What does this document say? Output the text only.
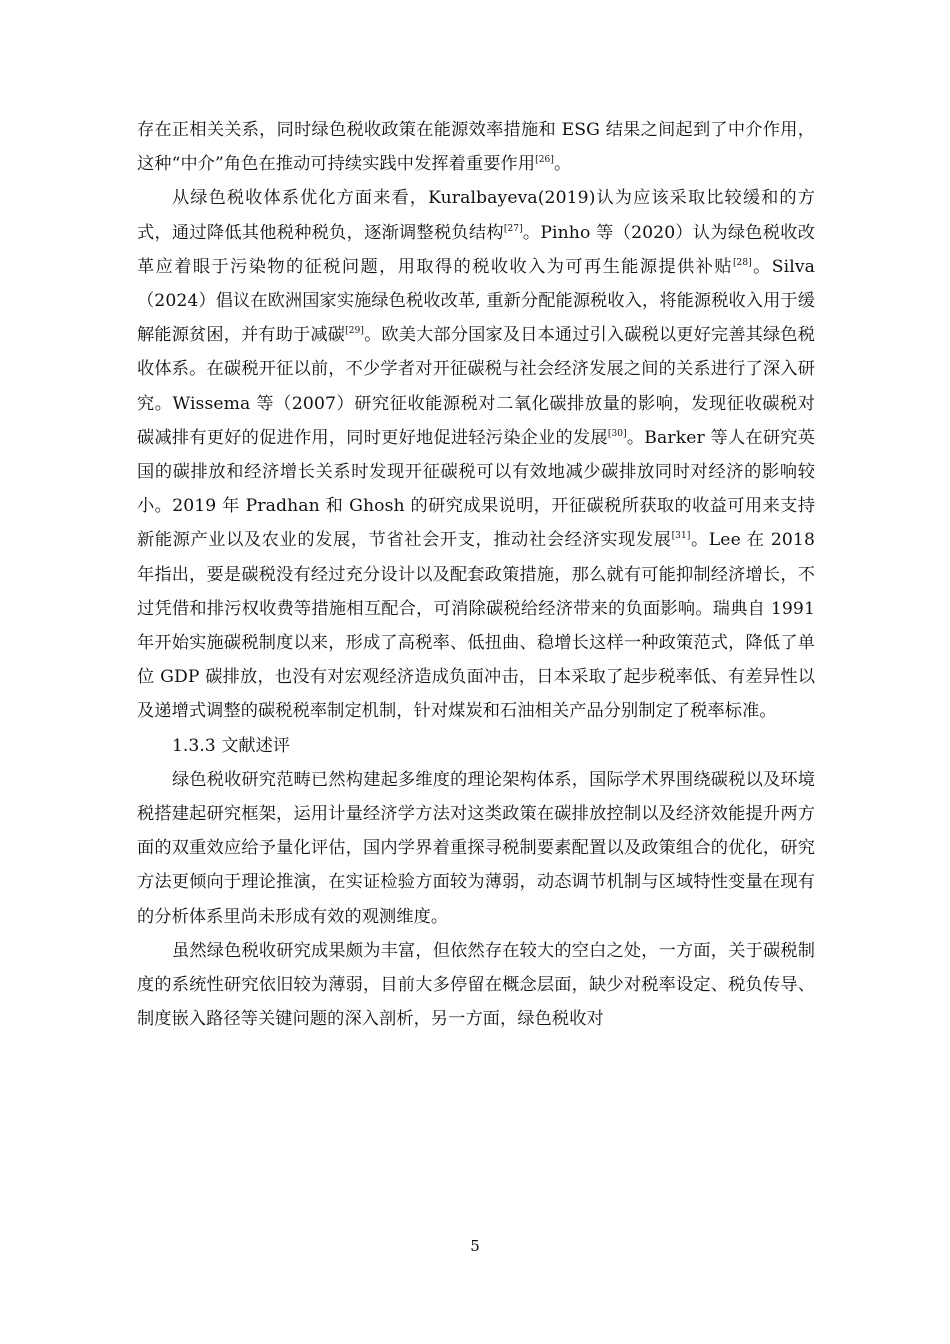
存在正相关关系，同时绿色税收政策在能源效率措施和 ESG 结果之间起到了中介作用，这种“中介”角色在推动可持续实践中发挥着重要作用[26]。

从绿色税收体系优化方面来看，Kuralbayeva(2019)认为应该采取比较缓和的方式，通过降低其他税种税负，逐渐调整税负结构[27]。Pinho 等（2020）认为绿色税收改革应着眼于污染物的征税问题，用取得的税收收入为可再生能源提供补贴[28]。Silva（2024）倡议在欧洲国家实施绿色税收改革, 重新分配能源税收入，将能源税收入用于缓解能源贫困，并有助于减碳[29]。欧美大部分国家及日本通过引入碳税以更好完善其绿色税收体系。在碳税开征以前，不少学者对开征碳税与社会经济发展之间的关系进行了深入研究。Wissema 等（2007）研究征收能源税对二氧化碳排放量的影响，发现征收碳税对碳减排有更好的促进作用，同时更好地促进轻污染企业的发展[30]。Barker 等人在研究英国的碳排放和经济增长关系时发现开征碳税可以有效地减少碳排放同时对经济的影响较小。2019 年 Pradhan 和 Ghosh 的研究成果说明，开征碳税所获取的收益可用来支持新能源产业以及农业的发展，节省社会开支，推动社会经济实现发展[31]。Lee 在 2018 年指出，要是碳税没有经过充分设计以及配套政策措施，那么就有可能抑制经济增长，不过凭借和排污权收费等措施相互配合，可消除碳税给经济带来的负面影响。瑞典自 1991 年开始实施碳税制度以来，形成了高税率、低扭曲、稳增长这样一种政策范式，降低了单位 GDP 碳排放，也没有对宏观经济造成负面冲击，日本采取了起步税率低、有差异性以及递增式调整的碳税税率制定机制，针对煤炭和石油相关产品分别制定了税率标准。

1.3.3 文献述评

绿色税收研究范畴已然构建起多维度的理论架构体系，国际学术界围绕碳税以及环境税搭建起研究框架，运用计量经济学方法对这类政策在碳排放控制以及经济效能提升两方面的双重效应给予量化评估，国内学界着重探寻税制要素配置以及政策组合的优化，研究方法更倾向于理论推演，在实证检验方面较为薄弱，动态调节机制与区域特性变量在现有的分析体系里尚未形成有效的观测维度。

虽然绿色税收研究成果颇为丰富，但依然存在较大的空白之处，一方面，关于碳税制度的系统性研究依旧较为薄弱，目前大多停留在概念层面，缺少对税率设定、税负传导、制度嵌入路径等关键问题的深入剖析，另一方面，绿色税收对

5
